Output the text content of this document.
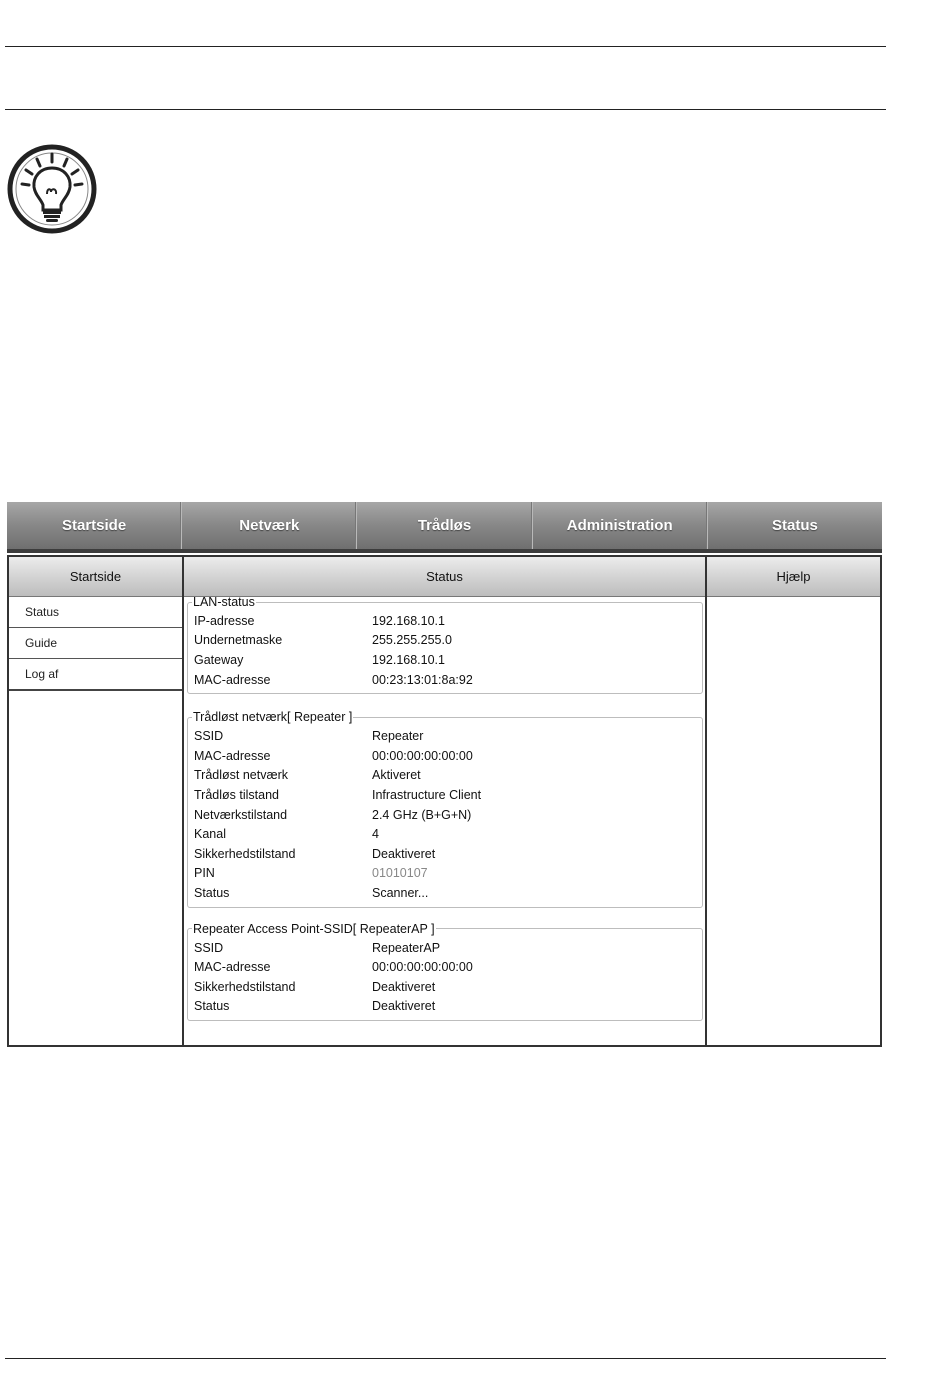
Startside	Netværk	Trådløs	Administration	Status
Startside
Status
Guide
Log af
Status
LAN-status
IP-adresse	192.168.10.1
Undernetmaske	255.255.255.0
Gateway	192.168.10.1
MAC-adresse	00:23:13:01:8a:92
Trådløst netværk[ Repeater ]
SSID	Repeater
MAC-adresse	00:00:00:00:00:00
Trådløst netværk	Aktiveret
Trådløs tilstand	Infrastructure Client
Netværkstilstand	2.4 GHz (B+G+N)
Kanal	4
Sikkerhedstilstand	Deaktiveret
PIN	01010107
Status	Scanner...
Repeater Access Point-SSID[ RepeaterAP ]
SSID	RepeaterAP
MAC-adresse	00:00:00:00:00:00
Sikkerhedstilstand	Deaktiveret
Status	Deaktiveret
Hjælp
